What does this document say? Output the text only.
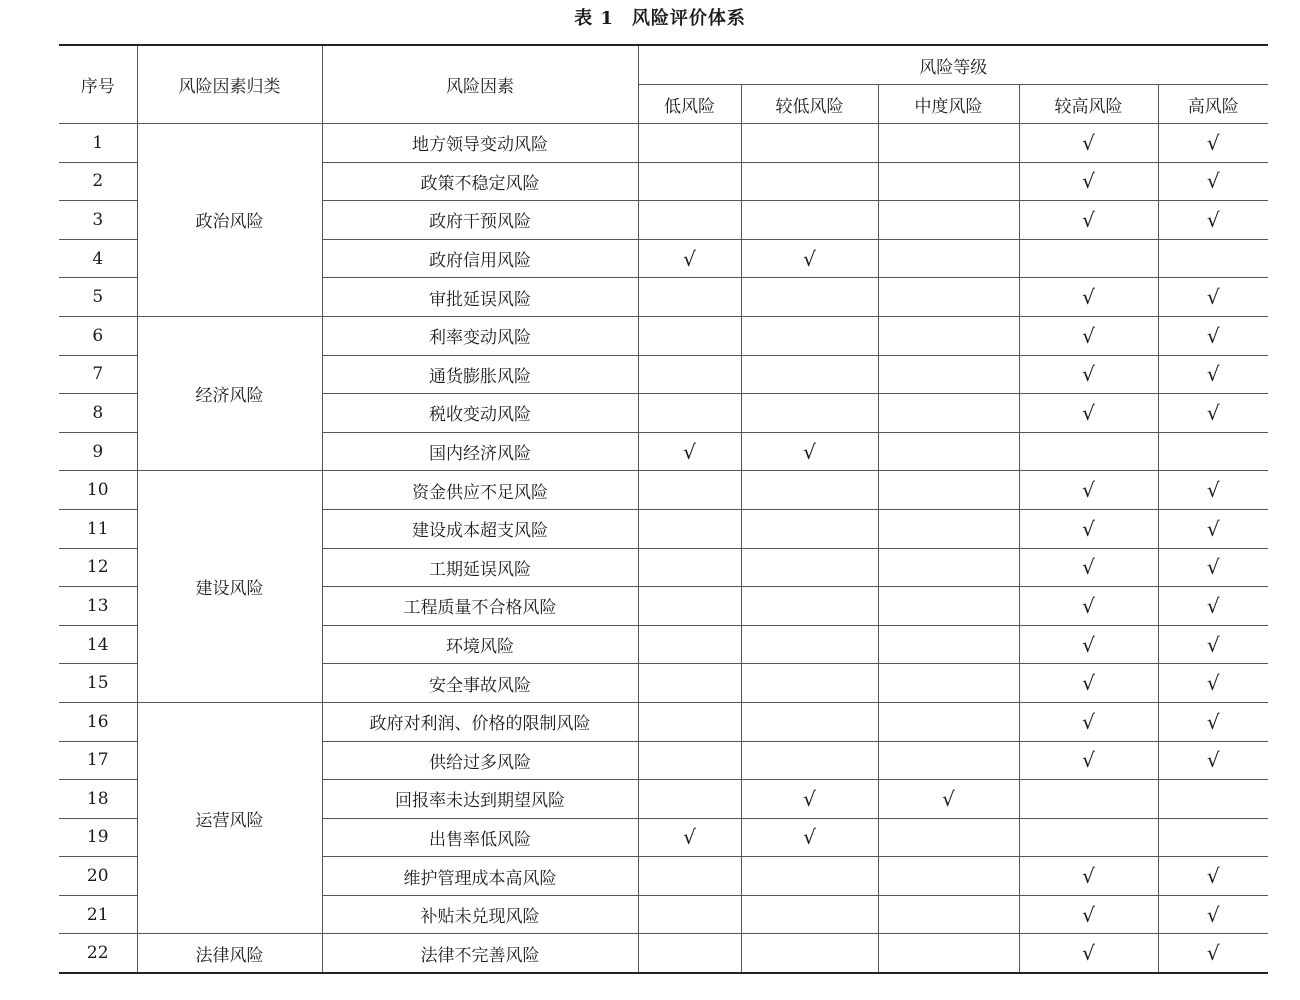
表 1 风险评价体系
序号	风险因素归类	风险因素	风险等级				
			低风险	较低风险	中度风险	较高风险	高风险
1	政治风险	地方领导变动风险				√	√
2		政策不稳定风险				√	√
3		政府干预风险				√	√
4		政府信用风险	√	√			
5		审批延误风险				√	√
6	经济风险	利率变动风险				√	√
7		通货膨胀风险				√	√
8		税收变动风险				√	√
9		国内经济风险	√	√			
10	建设风险	资金供应不足风险				√	√
11		建设成本超支风险				√	√
12		工期延误风险				√	√
13		工程质量不合格风险				√	√
14		环境风险				√	√
15		安全事故风险				√	√
16	运营风险	政府对利润、价格的限制风险				√	√
17		供给过多风险				√	√
18		回报率未达到期望风险		√	√		
19		出售率低风险	√	√			
20		维护管理成本高风险				√	√
21		补贴未兑现风险				√	√
22	法律风险	法律不完善风险				√	√
